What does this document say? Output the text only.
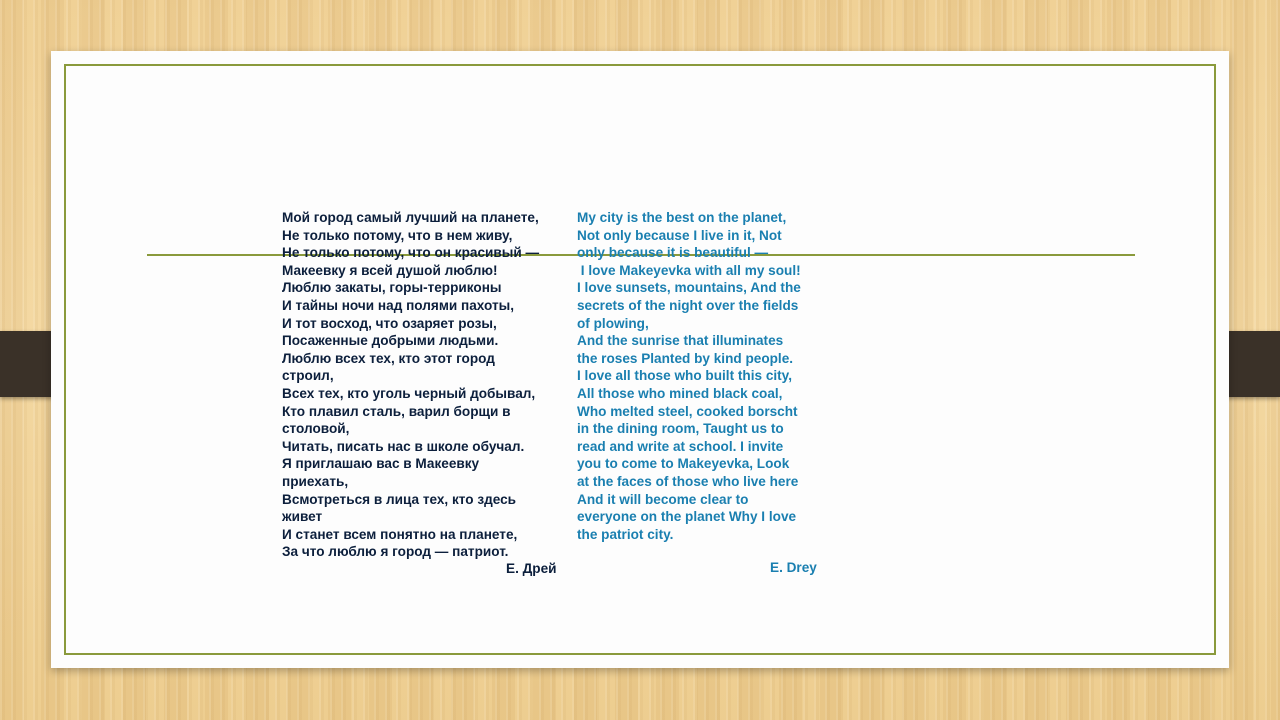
Мой город самый лучший на планете,
Не только потому, что в нем живу,
Не только потому, что он красивый —
Макеевку я всей душой люблю!
Люблю закаты, горы-терриконы
И тайны ночи над полями пахоты,
И тот восход, что озаряет розы,
Посаженные добрыми людьми.
Люблю всех тех, кто этот город
строил,
Всех тех, кто уголь черный добывал,
Кто плавил сталь, варил борщи в
столовой,
Читать, писать нас в школе обучал.
Я приглашаю вас в Макеевку
приехать,
Всмотреться в лица тех, кто здесь
живет
И станет всем понятно на планете,
За что люблю я город — патриот.
My city is the best on the planet,
Not only because I live in it, Not
only because it is beautiful —
I love Makeyevka with all my soul!
I love sunsets, mountains, And the
secrets of the night over the fields
of plowing,
And the sunrise that illuminates
the roses Planted by kind people.
I love all those who built this city,
All those who mined black coal,
Who melted steel, cooked borscht
in the dining room, Taught us to
read and write at school. I invite
you to come to Makeyevka, Look
at the faces of those who live here
And it will become clear to
everyone on the planet Why I love
the patriot city.
Е. Дрей	E. Drey
